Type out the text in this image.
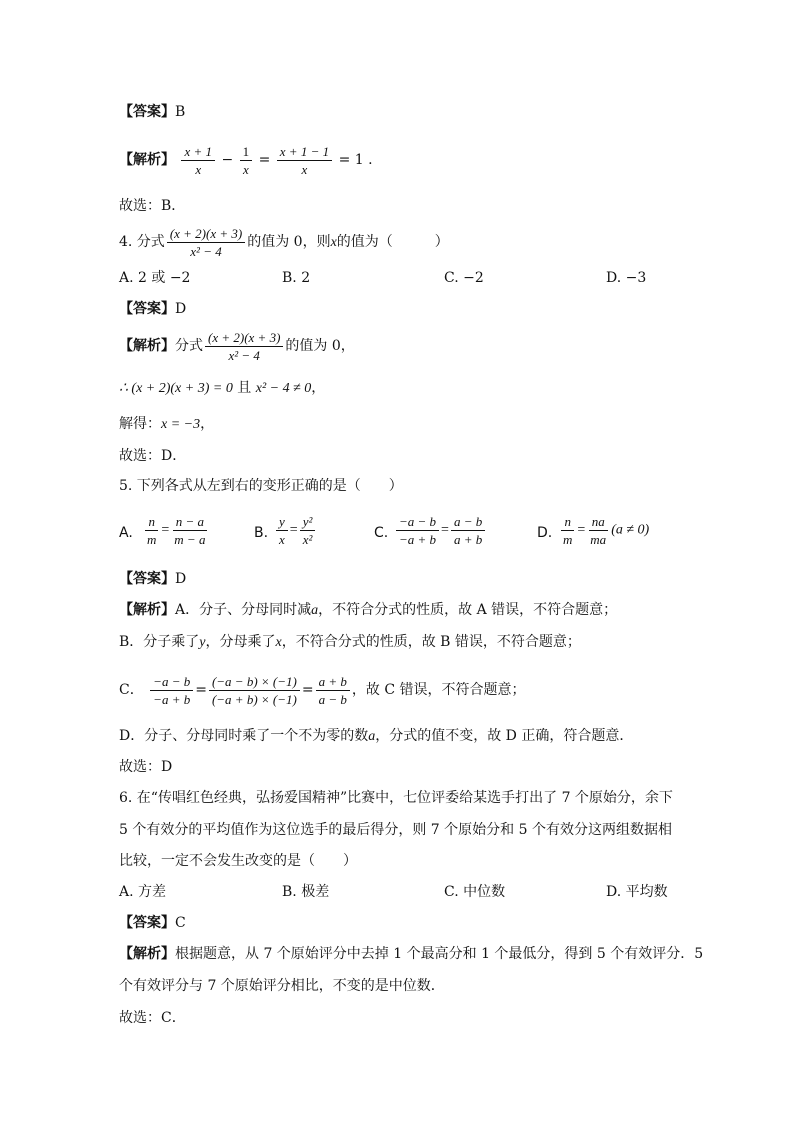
【答案】B
【解析】 $\frac{x + 1}{x} - \frac{1}{x} = \frac{x + 1 - 1}{x} = 1$ .
故选：B．
4. 分式 $\frac{(x + 2)(x + 3)}{\text{x² − 4}}$ 的值为 0，则x的值为（　　　）
A. 2 或 −2	B. 2	C. −2	D. −3
【答案】D
【解析】分式 $\frac{(x + 2)(x + 3)}{\text{x² − 4}}$ 的值为 0，
∴ (x + 2)(x + 3) = 0 且 x² − 4 ≠ 0，
解得：x = −3，
故选：D．
5. 下列各式从左到右的变形正确的是（　　）
A. $\frac{n}{m} = \frac{n - a}{m - a}$	B. $\frac{y}{x} = \frac{\text{y²}}{\text{x²}}$	C. $\frac{-a - b}{-a + b} = \frac{a - b}{a + b}$	D. $\frac{n}{m} = \frac{na}{ma} (a \ne 0)$
【答案】D
【解析】A．分子、分母同时减a，不符合分式的性质，故 A 错误，不符合题意；
B．分子乘了y，分母乘了x，不符合分式的性质，故 B 错误，不符合题意；
C． $\frac{-a - b}{-a + b} = \frac{(-a - b) \times (-1)}{(-a + b) \times (-1)} = \frac{a + b}{a - b}$ ，故 C 错误，不符合题意；
D．分子、分母同时乘了一个不为零的数a，分式的值不变，故 D 正确，符合题意．
故选：D
6. 在“传唱红色经典，弘扬爱国精神”比赛中，七位评委给某选手打出了 7 个原始分，余下
5 个有效分的平均值作为这位选手的最后得分，则 7 个原始分和 5 个有效分这两组数据相
比较，一定不会发生改变的是（　　）
A. 方差	B. 极差	C. 中位数	D. 平均数
【答案】C
【解析】根据题意，从 7 个原始评分中去掉 1 个最高分和 1 个最低分，得到 5 个有效评分．5
个有效评分与 7 个原始评分相比，不变的是中位数．
故选：C．
